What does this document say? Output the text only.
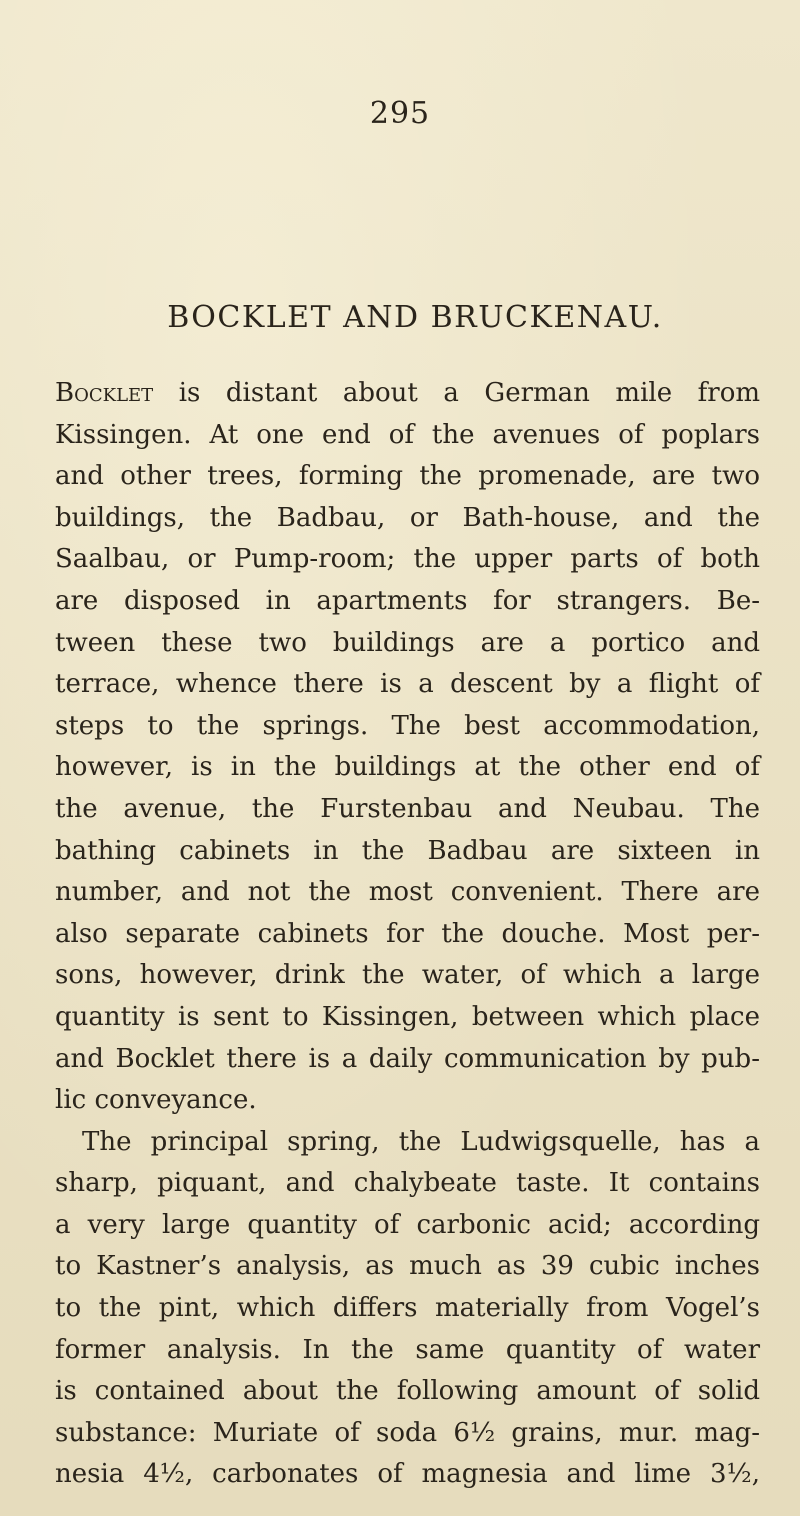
295
BOCKLET AND BRUCKENAU.
Bocklet is distant about a German mile from
Kissingen. At one end of the avenues of poplars
and other trees, forming the promenade, are two
buildings, the Badbau, or Bath-house, and the
Saalbau, or Pump-room; the upper parts of both
are disposed in apartments for strangers. Be-
tween these two buildings are a portico and
terrace, whence there is a descent by a flight of
steps to the springs. The best accommodation,
however, is in the buildings at the other end of
the avenue, the Furstenbau and Neubau. The
bathing cabinets in the Badbau are sixteen in
number, and not the most convenient. There are
also separate cabinets for the douche. Most per-
sons, however, drink the water, of which a large
quantity is sent to Kissingen, between which place
and Bocklet there is a daily communication by pub-
lic conveyance.
The principal spring, the Ludwigsquelle, has a
sharp, piquant, and chalybeate taste. It contains
a very large quantity of carbonic acid; according
to Kastner’s analysis, as much as 39 cubic inches
to the pint, which differs materially from Vogel’s
former analysis. In the same quantity of water
is contained about the following amount of solid
substance: Muriate of soda 6½ grains, mur. mag-
nesia 4½, carbonates of magnesia and lime 3½,
